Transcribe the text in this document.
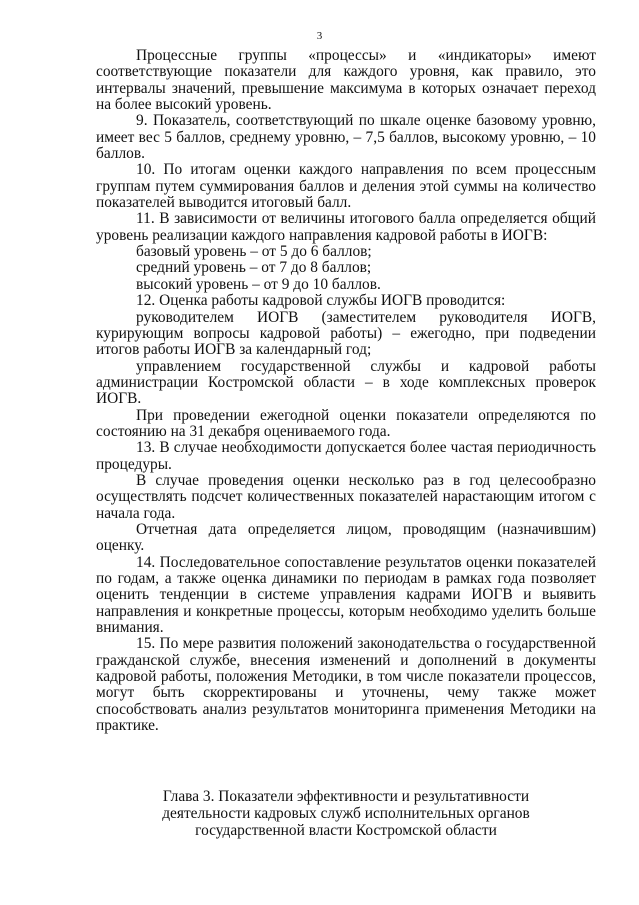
3

Процессные группы «процессы» и «индикаторы» имеют соответствующие показатели для каждого уровня, как правило, это интервалы значений, превышение максимума в которых означает переход на более высокий уровень.

9. Показатель, соответствующий по шкале оценке базовому уровню, имеет вес 5 баллов, среднему уровню, – 7,5 баллов, высокому уровню, – 10 баллов.

10. По итогам оценки каждого направления по всем процессным группам путем суммирования баллов и деления этой суммы на количество показателей выводится итоговый балл.

11. В зависимости от величины итогового балла определяется общий уровень реализации каждого направления кадровой работы в ИОГВ:

базовый уровень – от 5 до 6 баллов;

средний уровень – от 7 до 8 баллов;

высокий уровень – от 9 до 10 баллов.

12. Оценка работы кадровой службы ИОГВ проводится:

руководителем ИОГВ (заместителем руководителя ИОГВ, курирующим вопросы кадровой работы) – ежегодно, при подведении итогов работы ИОГВ за календарный год;

управлением государственной службы и кадровой работы администрации Костромской области – в ходе комплексных проверок ИОГВ.

При проведении ежегодной оценки показатели определяются по состоянию на 31 декабря оцениваемого года.

13. В случае необходимости допускается более частая периодичность процедуры.

В случае проведения оценки несколько раз в год целесообразно осуществлять подсчет количественных показателей нарастающим итогом с начала года.

Отчетная дата определяется лицом, проводящим (назначившим) оценку.

14. Последовательное сопоставление результатов оценки показателей по годам, а также оценка динамики по периодам в рамках года позволяет оценить тенденции в системе управления кадрами ИОГВ и выявить направления и конкретные процессы, которым необходимо уделить больше внимания.

15. По мере развития положений законодательства о государственной гражданской службе, внесения изменений и дополнений в документы кадровой работы, положения Методики, в том числе показатели процессов, могут быть скорректированы и уточнены, чему также может способствовать анализ результатов мониторинга применения Методики на практике.

Глава 3. Показатели эффективности и результативности
деятельности кадровых служб исполнительных органов
государственной власти Костромской области
